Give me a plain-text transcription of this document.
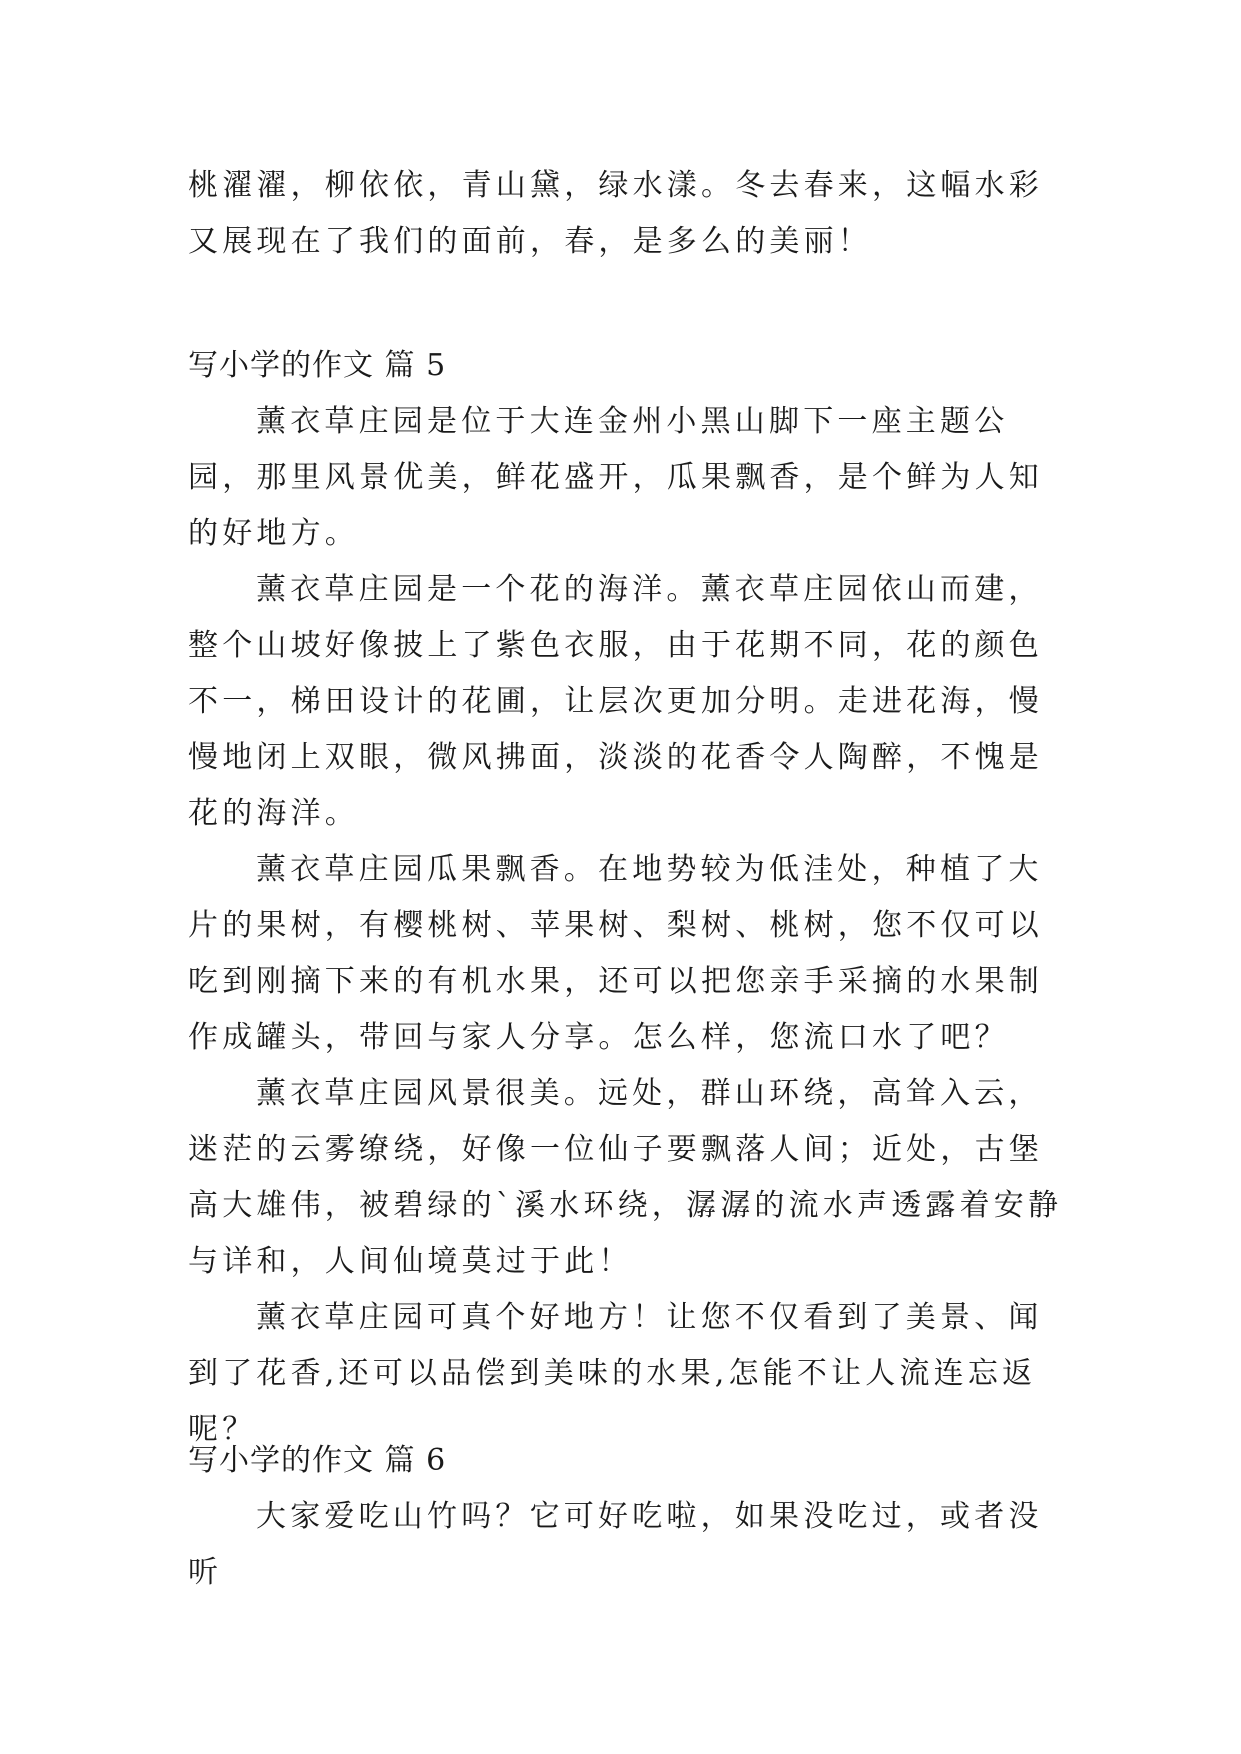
桃濯濯，柳依依，青山黛，绿水漾。冬去春来，这幅水彩又展现在了我们的面前，春，是多么的美丽！

写小学的作文 篇 5

薰衣草庄园是位于大连金州小黑山脚下一座主题公园，那里风景优美，鲜花盛开，瓜果飘香，是个鲜为人知的好地方。

薰衣草庄园是一个花的海洋。薰衣草庄园依山而建，整个山坡好像披上了紫色衣服，由于花期不同，花的颜色不一，梯田设计的花圃，让层次更加分明。走进花海，慢慢地闭上双眼，微风拂面，淡淡的花香令人陶醉，不愧是花的海洋。

薰衣草庄园瓜果飘香。在地势较为低洼处，种植了大片的果树，有樱桃树、苹果树、梨树、桃树，您不仅可以吃到刚摘下来的有机水果，还可以把您亲手采摘的水果制作成罐头，带回与家人分享。怎么样，您流口水了吧？

薰衣草庄园风景很美。远处，群山环绕，高耸入云，迷茫的云雾缭绕，好像一位仙子要飘落人间；近处，古堡高大雄伟，被碧绿的`溪水环绕，潺潺的流水声透露着安静与详和，人间仙境莫过于此！

薰衣草庄园可真个好地方！让您不仅看到了美景、闻到了花香,还可以品偿到美味的水果,怎能不让人流连忘返呢？

写小学的作文 篇 6

大家爱吃山竹吗？它可好吃啦，如果没吃过，或者没听
